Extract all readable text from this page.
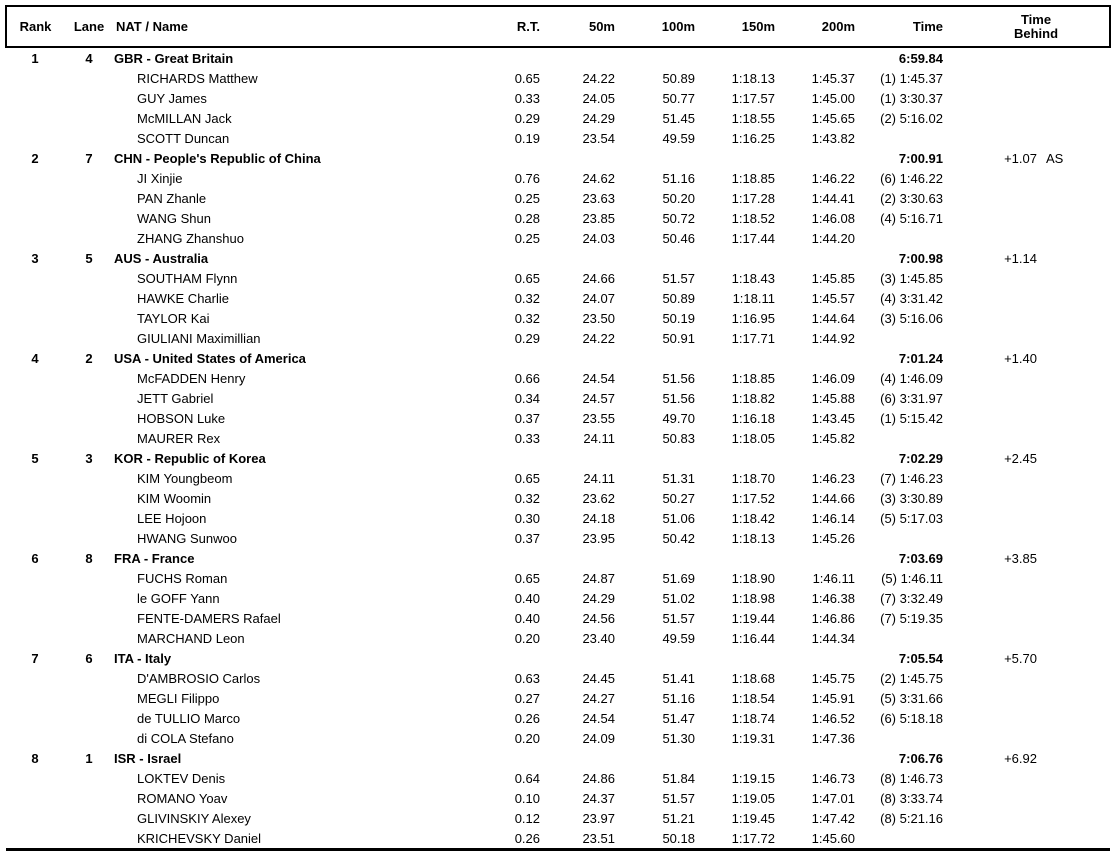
Rank	Lane	NAT / Name	R.T.	50m	100m	150m	200m	Time	Time
Behind

1	4	GBR - Great Britain						6:59.84	
		RICHARDS Matthew	0.65	24.22	50.89	1:18.13	1:45.37	(1) 1:45.37	
		GUY James	0.33	24.05	50.77	1:17.57	1:45.00	(1) 3:30.37	
		McMILLAN Jack	0.29	24.29	51.45	1:18.55	1:45.65	(2) 5:16.02	
		SCOTT Duncan	0.19	23.54	49.59	1:16.25	1:43.82		
2	7	CHN - People's Republic of China						7:00.91	+1.07 AS
		JI Xinjie	0.76	24.62	51.16	1:18.85	1:46.22	(6) 1:46.22	
		PAN Zhanle	0.25	23.63	50.20	1:17.28	1:44.41	(2) 3:30.63	
		WANG Shun	0.28	23.85	50.72	1:18.52	1:46.08	(4) 5:16.71	
		ZHANG Zhanshuo	0.25	24.03	50.46	1:17.44	1:44.20		
3	5	AUS - Australia						7:00.98	+1.14
		SOUTHAM Flynn	0.65	24.66	51.57	1:18.43	1:45.85	(3) 1:45.85	
		HAWKE Charlie	0.32	24.07	50.89	1:18.11	1:45.57	(4) 3:31.42	
		TAYLOR Kai	0.32	23.50	50.19	1:16.95	1:44.64	(3) 5:16.06	
		GIULIANI Maximillian	0.29	24.22	50.91	1:17.71	1:44.92		
4	2	USA - United States of America						7:01.24	+1.40
		McFADDEN Henry	0.66	24.54	51.56	1:18.85	1:46.09	(4) 1:46.09	
		JETT Gabriel	0.34	24.57	51.56	1:18.82	1:45.88	(6) 3:31.97	
		HOBSON Luke	0.37	23.55	49.70	1:16.18	1:43.45	(1) 5:15.42	
		MAURER Rex	0.33	24.11	50.83	1:18.05	1:45.82		
5	3	KOR - Republic of Korea						7:02.29	+2.45
		KIM Youngbeom	0.65	24.11	51.31	1:18.70	1:46.23	(7) 1:46.23	
		KIM Woomin	0.32	23.62	50.27	1:17.52	1:44.66	(3) 3:30.89	
		LEE Hojoon	0.30	24.18	51.06	1:18.42	1:46.14	(5) 5:17.03	
		HWANG Sunwoo	0.37	23.95	50.42	1:18.13	1:45.26		
6	8	FRA - France						7:03.69	+3.85
		FUCHS Roman	0.65	24.87	51.69	1:18.90	1:46.11	(5) 1:46.11	
		le GOFF Yann	0.40	24.29	51.02	1:18.98	1:46.38	(7) 3:32.49	
		FENTE-DAMERS Rafael	0.40	24.56	51.57	1:19.44	1:46.86	(7) 5:19.35	
		MARCHAND Leon	0.20	23.40	49.59	1:16.44	1:44.34		
7	6	ITA - Italy						7:05.54	+5.70
		D'AMBROSIO Carlos	0.63	24.45	51.41	1:18.68	1:45.75	(2) 1:45.75	
		MEGLI Filippo	0.27	24.27	51.16	1:18.54	1:45.91	(5) 3:31.66	
		de TULLIO Marco	0.26	24.54	51.47	1:18.74	1:46.52	(6) 5:18.18	
		di COLA Stefano	0.20	24.09	51.30	1:19.31	1:47.36		
8	1	ISR - Israel						7:06.76	+6.92
		LOKTEV Denis	0.64	24.86	51.84	1:19.15	1:46.73	(8) 1:46.73	
		ROMANO Yoav	0.10	24.37	51.57	1:19.05	1:47.01	(8) 3:33.74	
		GLIVINSKIY Alexey	0.12	23.97	51.21	1:19.45	1:47.42	(8) 5:21.16	
		KRICHEVSKY Daniel	0.26	23.51	50.18	1:17.72	1:45.60		
